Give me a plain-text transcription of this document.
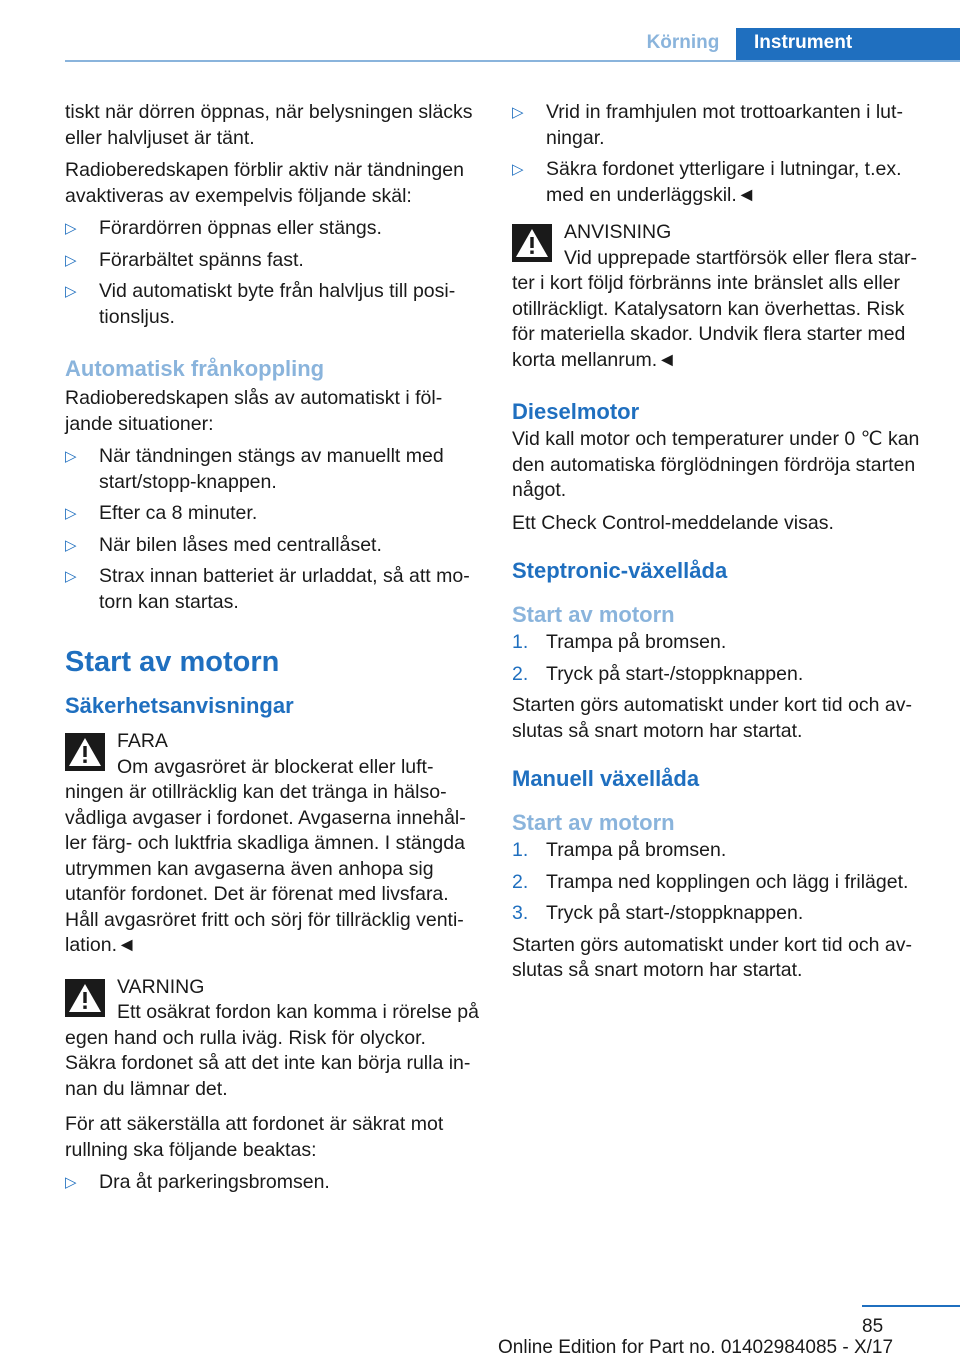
Körning	Instrument

tiskt när dörren öppnas, när belysningen släcks eller halvljuset är tänt.

Radioberedskapen förblir aktiv när tändningen avaktiveras av exempelvis följande skäl:

▷ Förardörren öppnas eller stängs.
▷ Förarbältet spänns fast.
▷ Vid automatiskt byte från halvljus till positionsljus.
Automatisk frånkoppling

Radioberedskapen slås av automatiskt i följande situationer:

▷ När tändningen stängs av manuellt med start/stopp-knappen.
▷ Efter ca 8 minuter.
▷ När bilen låses med centrallåset.
▷ Strax innan batteriet är urladdat, så att motorn kan startas.
Start av motorn
Säkerhetsanvisningar
FARA
Om avgasröret är blockerat eller luftningen är otillräcklig kan det tränga in hälsovådliga avgaser i fordonet. Avgaserna innehåller färg- och luktfria skadliga ämnen. I stängda utrymmen kan avgaserna även anhopa sig utanför fordonet. Det är förenat med livsfara. Håll avgasröret fritt och sörj för tillräcklig ventilation.◄
VARNING
Ett osäkrat fordon kan komma i rörelse på egen hand och rulla iväg. Risk för olyckor. Säkra fordonet så att det inte kan börja rulla innan du lämnar det.

För att säkerställa att fordonet är säkrat mot rullning ska följande beaktas:

▷ Dra åt parkeringsbromsen.
▷ Vrid in framhjulen mot trottoarkanten i lutningar.
▷ Säkra fordonet ytterligare i lutningar, t.ex. med en underläggskil.◄
ANVISNING
Vid upprepade startförsök eller flera starter i kort följd förbränns inte bränslet alls eller otillräckligt. Katalysatorn kan överhettas. Risk för materiella skador. Undvik flera starter med korta mellanrum.◄
Dieselmotor

Vid kall motor och temperaturer under 0 ℃ kan den automatiska förglödningen fördröja starten något.

Ett Check Control-meddelande visas.

Steptronic-växellåda
Start av motorn
1. Trampa på bromsen.
2. Tryck på start-/stoppknappen.

Starten görs automatiskt under kort tid och avslutas så snart motorn har startat.

Manuell växellåda
Start av motorn
1. Trampa på bromsen.
2. Trampa ned kopplingen och lägg i friläget.
3. Tryck på start-/stoppknappen.

Starten görs automatiskt under kort tid och avslutas så snart motorn har startat.

85
Online Edition for Part no. 01402984085 - X/17
